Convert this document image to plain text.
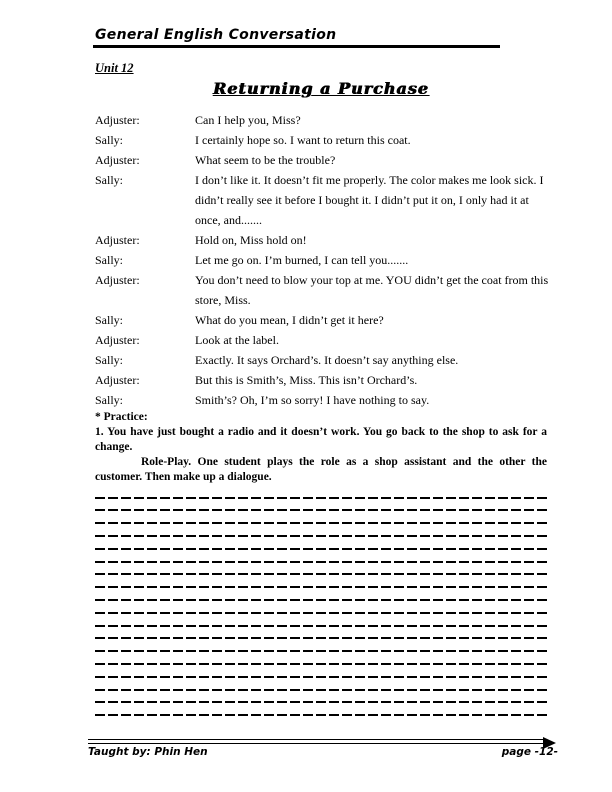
General English Conversation
Unit 12
Returning a Purchase
Adjuster:	Can I help you, Miss?
Sally:	I certainly hope so. I want to return this coat.
Adjuster:	What seem to be the trouble?
Sally:	I don’t like it. It doesn’t fit me properly. The color makes me look sick. I didn’t really see it before I bought it. I didn’t put it on, I only had it at once, and.......
Adjuster:	Hold on, Miss hold on!
Sally:	Let me go on. I’m burned, I can tell you.......
Adjuster:	You don’t need to blow your top at me. YOU didn’t get the coat from this store, Miss.
Sally:	What do you mean, I didn’t get it here?
Adjuster:	Look at the label.
Sally:	Exactly. It says Orchard’s. It doesn’t say anything else.
Adjuster:	But this is Smith’s, Miss. This isn’t Orchard’s.
Sally:	Smith’s? Oh, I’m so sorry! I have nothing to say.
* Practice:

1. You have just bought a radio and it doesn’t work. You go back to the shop to ask for a change.

Role-Play. One student plays the role as a shop assistant and the other the customer. Then make up a dialogue.

Taught by: Phin Hen	page -12-
